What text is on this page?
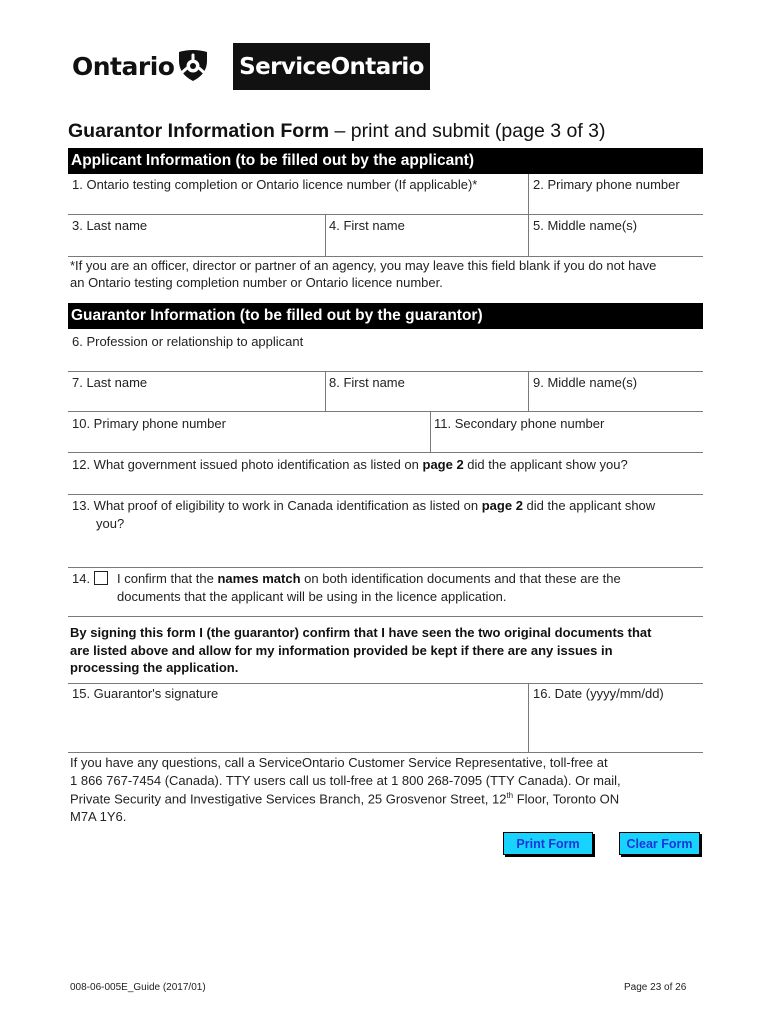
Ontario	ServiceOntario
Guarantor Information Form – print and submit (page 3 of 3)
Applicant Information (to be filled out by the applicant)
1. Ontario testing completion or Ontario licence number (If applicable)*	2. Primary phone number
3. Last name	4. First name	5. Middle name(s)
*If you are an officer, director or partner of an agency, you may leave this field blank if you do not have
an Ontario testing completion number or Ontario licence number.
Guarantor Information (to be filled out by the guarantor)
6. Profession or relationship to applicant
7. Last name	8. First name	9. Middle name(s)
10. Primary phone number	11. Secondary phone number
12. What government issued photo identification as listed on page 2 did the applicant show you?
13. What proof of eligibility to work in Canada identification as listed on page 2 did the applicant show
you?
14. I confirm that the names match on both identification documents and that these are the
documents that the applicant will be using in the licence application.
By signing this form I (the guarantor) confirm that I have seen the two original documents that
are listed above and allow for my information provided be kept if there are any issues in
processing the application.
15. Guarantor's signature	16. Date (yyyy/mm/dd)
If you have any questions, call a ServiceOntario Customer Service Representative, toll-free at
1 866 767-7454 (Canada). TTY users call us toll-free at 1 800 268-7095 (TTY Canada). Or mail,
Private Security and Investigative Services Branch, 25 Grosvenor Street, 12th Floor, Toronto ON
M7A 1Y6.
Print Form	Clear Form
008-06-005E_Guide (2017/01)	Page 23 of 26
